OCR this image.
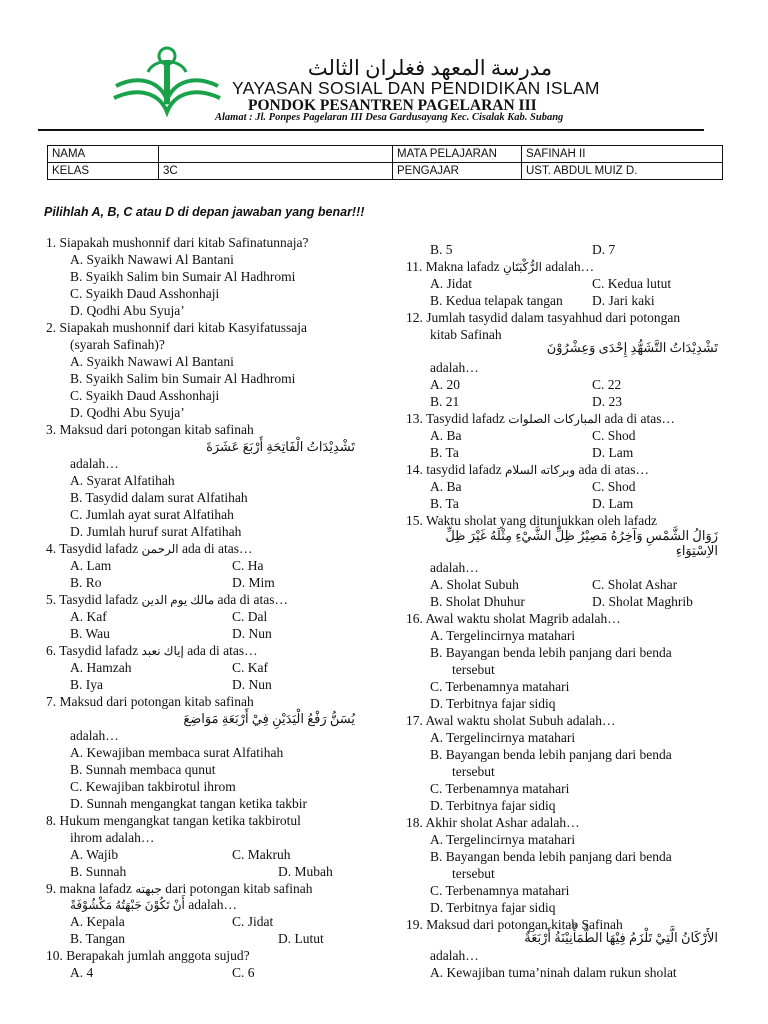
مدرسة المعهد فغلران الثالث
YAYASAN SOSIAL DAN PENDIDIKAN ISLAM
PONDOK PESANTREN PAGELARAN III
Alamat : Jl. Ponpes Pagelaran III Desa Gardusayang Kec. Cisalak Kab. Subang
NAMA		MATA PELAJARAN	SAFINAH II
KELAS	3C	PENGAJAR	UST. ABDUL MUIZ D.
Pilihlah A, B, C atau D di depan jawaban yang benar!!!
1. Siapakah mushonnif dari kitab Safinatunnaja?
A. Syaikh Nawawi Al Bantani
B. Syaikh Salim bin Sumair Al Hadhromi
C. Syaikh Daud Asshonhaji
D. Qodhi Abu Syuja’
2. Siapakah mushonnif dari kitab Kasyifatussaja
(syarah Safinah)?
A. Syaikh Nawawi Al Bantani
B. Syaikh Salim bin Sumair Al Hadhromi
C. Syaikh Daud Asshonhaji
D. Qodhi Abu Syuja’
3. Maksud dari potongan kitab safinah
تَشْدِيْدَاتُ الْفَاتِحَةِ أَرْبَعَ عَشَرَةَ
adalah…
A. Syarat Alfatihah
B. Tasydid dalam surat Alfatihah
C. Jumlah ayat surat Alfatihah
D. Jumlah huruf surat Alfatihah
4. Tasydid lafadz الرحمن ada di atas…
A. Lam	C. Ha
B. Ro	D. Mim
5. Tasydid lafadz مالك يوم الدين ada di atas…
A. Kaf	C. Dal
B. Wau	D. Nun
6. Tasydid lafadz إياك نعبد ada di atas…
A. Hamzah	C. Kaf
B. Iya	D. Nun
7. Maksud dari potongan kitab safinah
يُسَنُّ رَفْعُ الْيَدَيْنِ فِيْ أَرْبَعَةِ مَوَاضِعَ
adalah…
A. Kewajiban membaca surat Alfatihah
B. Sunnah membaca qunut
C. Kewajiban takbirotul ihrom
D. Sunnah mengangkat tangan ketika takbir
8. Hukum mengangkat tangan ketika takbirotul
ihrom adalah…
A. Wajib	C. Makruh
B. Sunnah	D. Mubah
9. makna lafadz جبهته dari potongan kitab safinah
أَنْ تَكُوْنَ جَبْهَتُهُ مَكْشُوْفَةً adalah…
A. Kepala	C. Jidat
B. Tangan	D. Lutut
10. Berapakah jumlah anggota sujud?
A. 4	C. 6
B. 5	D. 7
11. Makna lafadz الرُّكْبَتَانِ adalah…
A. Jidat	C. Kedua lutut
B. Kedua telapak tangan D. Jari kaki
12. Jumlah tasydid dalam tasyahhud dari potongan
kitab Safinah
تَشْدِيْدَاتُ التَّشَهُّدِ إِحْدَى وَعِشْرُوْنَ
adalah…
A. 20	C. 22
B. 21	D. 23
13. Tasydid lafadz المباركات الصلوات ada di atas…
A. Ba	C. Shod
B. Ta	D. Lam
14. tasydid lafadz وبركاته السلام ada di atas…
A. Ba	C. Shod
B. Ta	D. Lam
15. Waktu sholat yang ditunjukkan oleh lafadz
زَوَالُ الشَّمْسِ وَآخِرُهُ مَصِيْرُ ظِلِّ الشَّيْءِ مِثْلَهُ غَيْرَ ظِلِّ
الاِسْتِوَاءِ
adalah…
A. Sholat Subuh	C. Sholat Ashar
B. Sholat Dhuhur	D. Sholat Maghrib
16. Awal waktu sholat Magrib adalah…
A. Tergelincirnya matahari
B. Bayangan benda lebih panjang dari benda
tersebut
C. Terbenamnya matahari
D. Terbitnya fajar sidiq
17. Awal waktu sholat Subuh adalah…
A. Tergelincirnya matahari
B. Bayangan benda lebih panjang dari benda
tersebut
C. Terbenamnya matahari
D. Terbitnya fajar sidiq
18. Akhir sholat Ashar adalah…
A. Tergelincirnya matahari
B. Bayangan benda lebih panjang dari benda
tersebut
C. Terbenamnya matahari
D. Terbitnya fajar sidiq
19. Maksud dari potongan kitab Safinah
الأَرْكَانُ الَّتِيْ تَلْزَمُ فِيْهَا الطُّمَأْنِيْنَةُ أَرْبَعَةٌ
adalah…
A. Kewajiban tuma’ninah dalam rukun sholat
